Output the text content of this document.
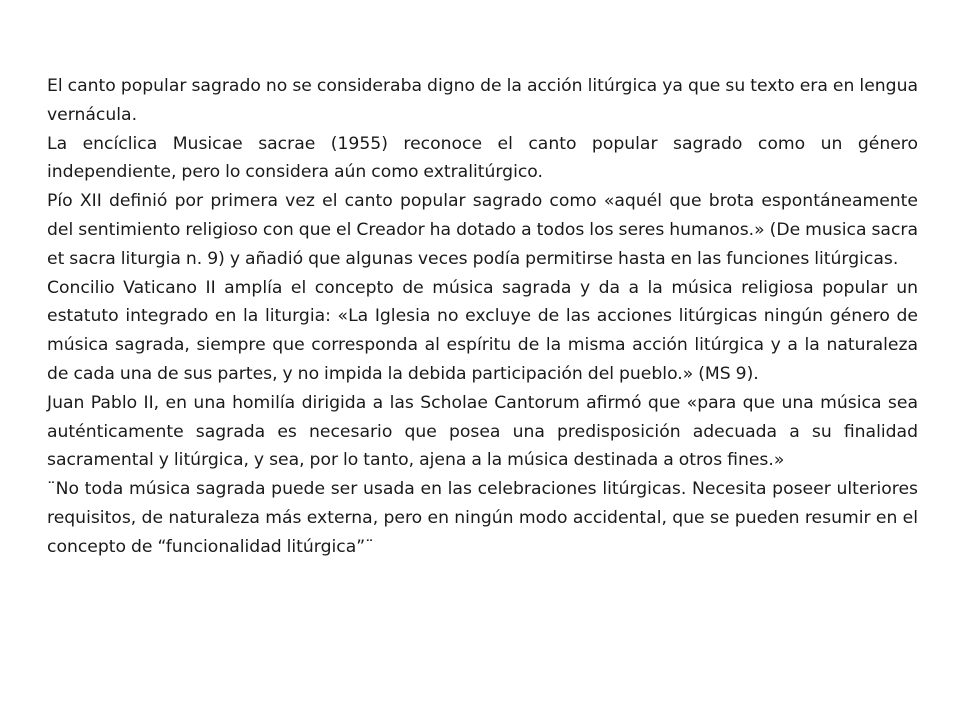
El canto popular sagrado no se consideraba digno de la acción litúrgica ya que su texto era en lengua vernácula.

La encíclica Musicae sacrae (1955) reconoce el canto popular sagrado como un género independiente, pero lo considera aún como extralitúrgico.

Pío XII definió por primera vez el canto popular sagrado como «aquél que brota espontáneamente del sentimiento religioso con que el Creador ha dotado a todos los seres humanos.» (De musica sacra et sacra liturgia n. 9) y añadió que algunas veces podía permitirse hasta en las funciones litúrgicas.

Concilio Vaticano II amplía el concepto de música sagrada y da a la música religiosa popular un estatuto integrado en la liturgia: «La Iglesia no excluye de las acciones litúrgicas ningún género de música sagrada, siempre que corresponda al espíritu de la misma acción litúrgica y a la naturaleza de cada una de sus partes, y no impida la debida participación del pueblo.» (MS 9).

Juan Pablo II, en una homilía dirigida a las Scholae Cantorum afirmó que «para que una música sea auténticamente sagrada es necesario que posea una predisposición adecuada a su finalidad sacramental y litúrgica, y sea, por lo tanto, ajena a la música destinada a otros fines.»

¨No toda música sagrada puede ser usada en las celebraciones litúrgicas. Necesita poseer ulteriores requisitos, de naturaleza más externa, pero en ningún modo accidental, que se pueden resumir en el concepto de “funcionalidad litúrgica”¨
